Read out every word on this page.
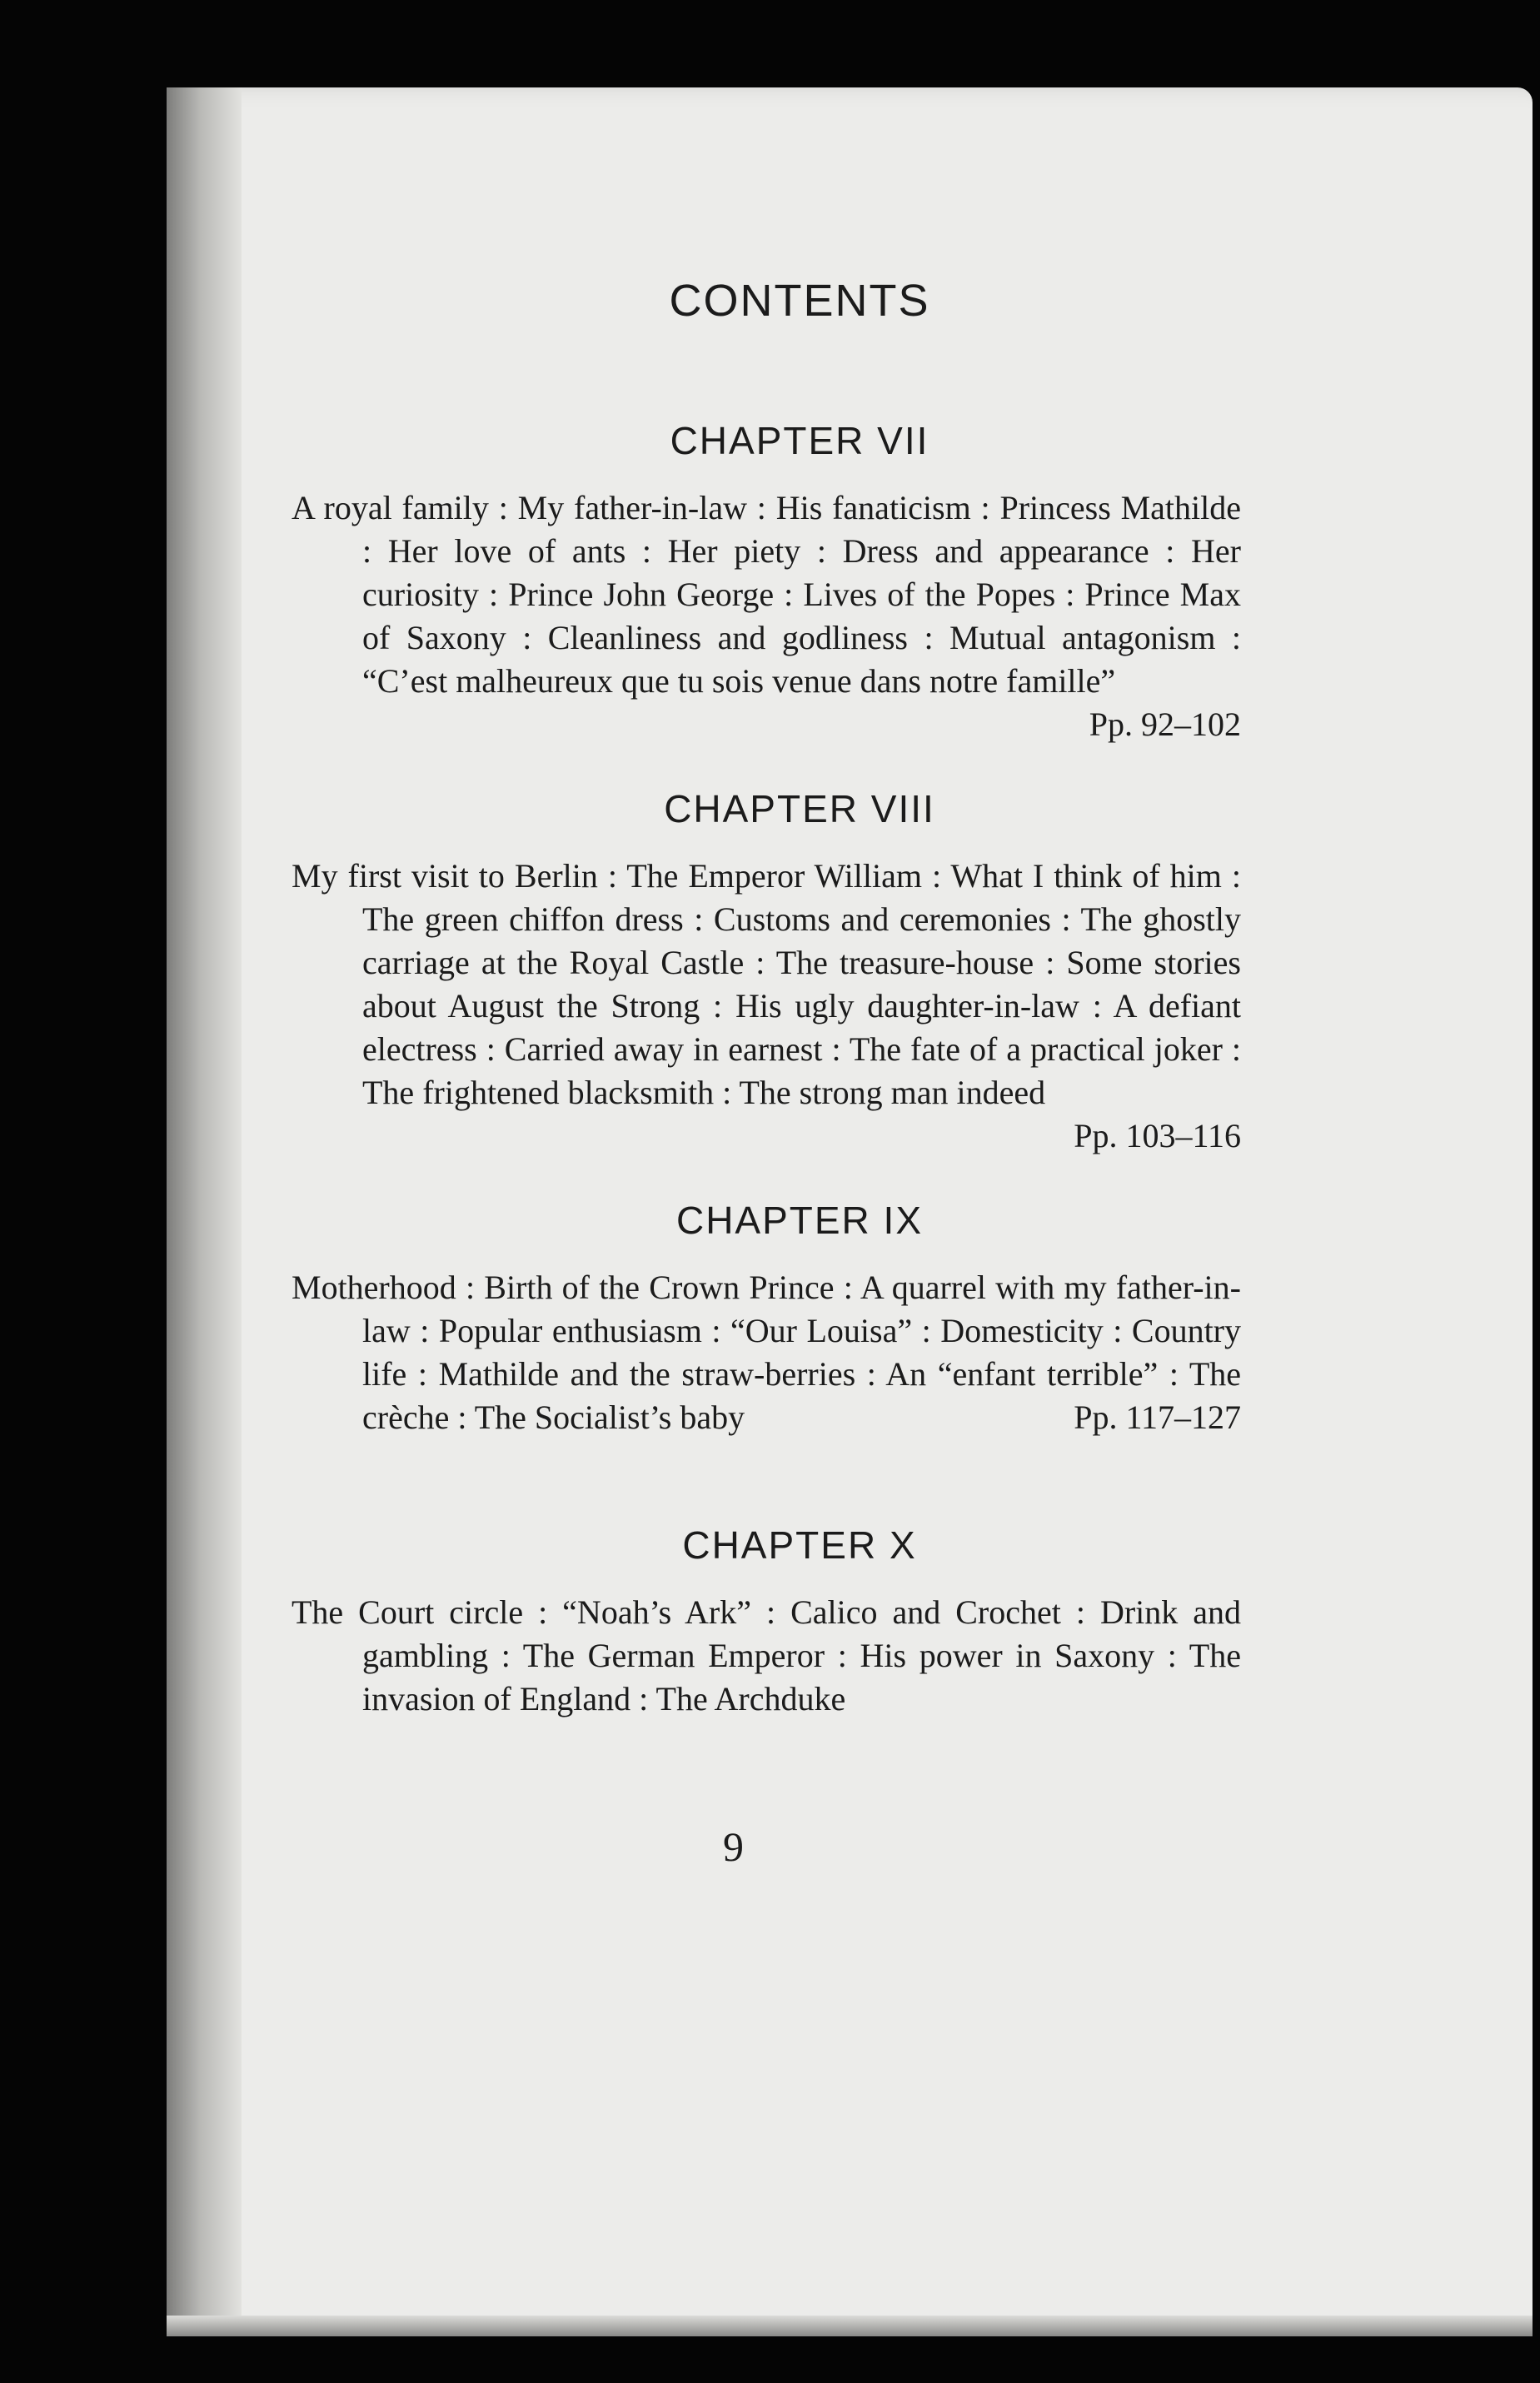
CONTENTS
CHAPTER VII
A royal family : My father-in-law : His fanaticism : Princess Mathilde : Her love of ants : Her piety : Dress and appearance : Her curiosity : Prince John George : Lives of the Popes : Prince Max of Saxony : Cleanliness and godliness : Mutual antagonism : “C’est malheureux que tu sois venue dans notre famille”
Pp. 92–102
CHAPTER VIII
My first visit to Berlin : The Emperor William : What I think of him : The green chiffon dress : Customs and ceremonies : The ghostly carriage at the Royal Castle : The treasure-house : Some stories about August the Strong : His ugly daughter-in-law : A defiant electress : Carried away in earnest : The fate of a practical joker : The frightened blacksmith : The strong man indeed
Pp. 103–116
CHAPTER IX
Motherhood : Birth of the Crown Prince : A quarrel with my father-in-law : Popular enthusiasm : “Our Louisa” : Domesticity : Country life : Mathilde and the straw-berries : An “enfant terrible” : The crèche : The Socialist’s baby	Pp. 117–127
CHAPTER X
The Court circle : “Noah’s Ark” : Calico and Crochet : Drink and gambling : The German Emperor : His power in Saxony : The invasion of England : The Archduke
9
